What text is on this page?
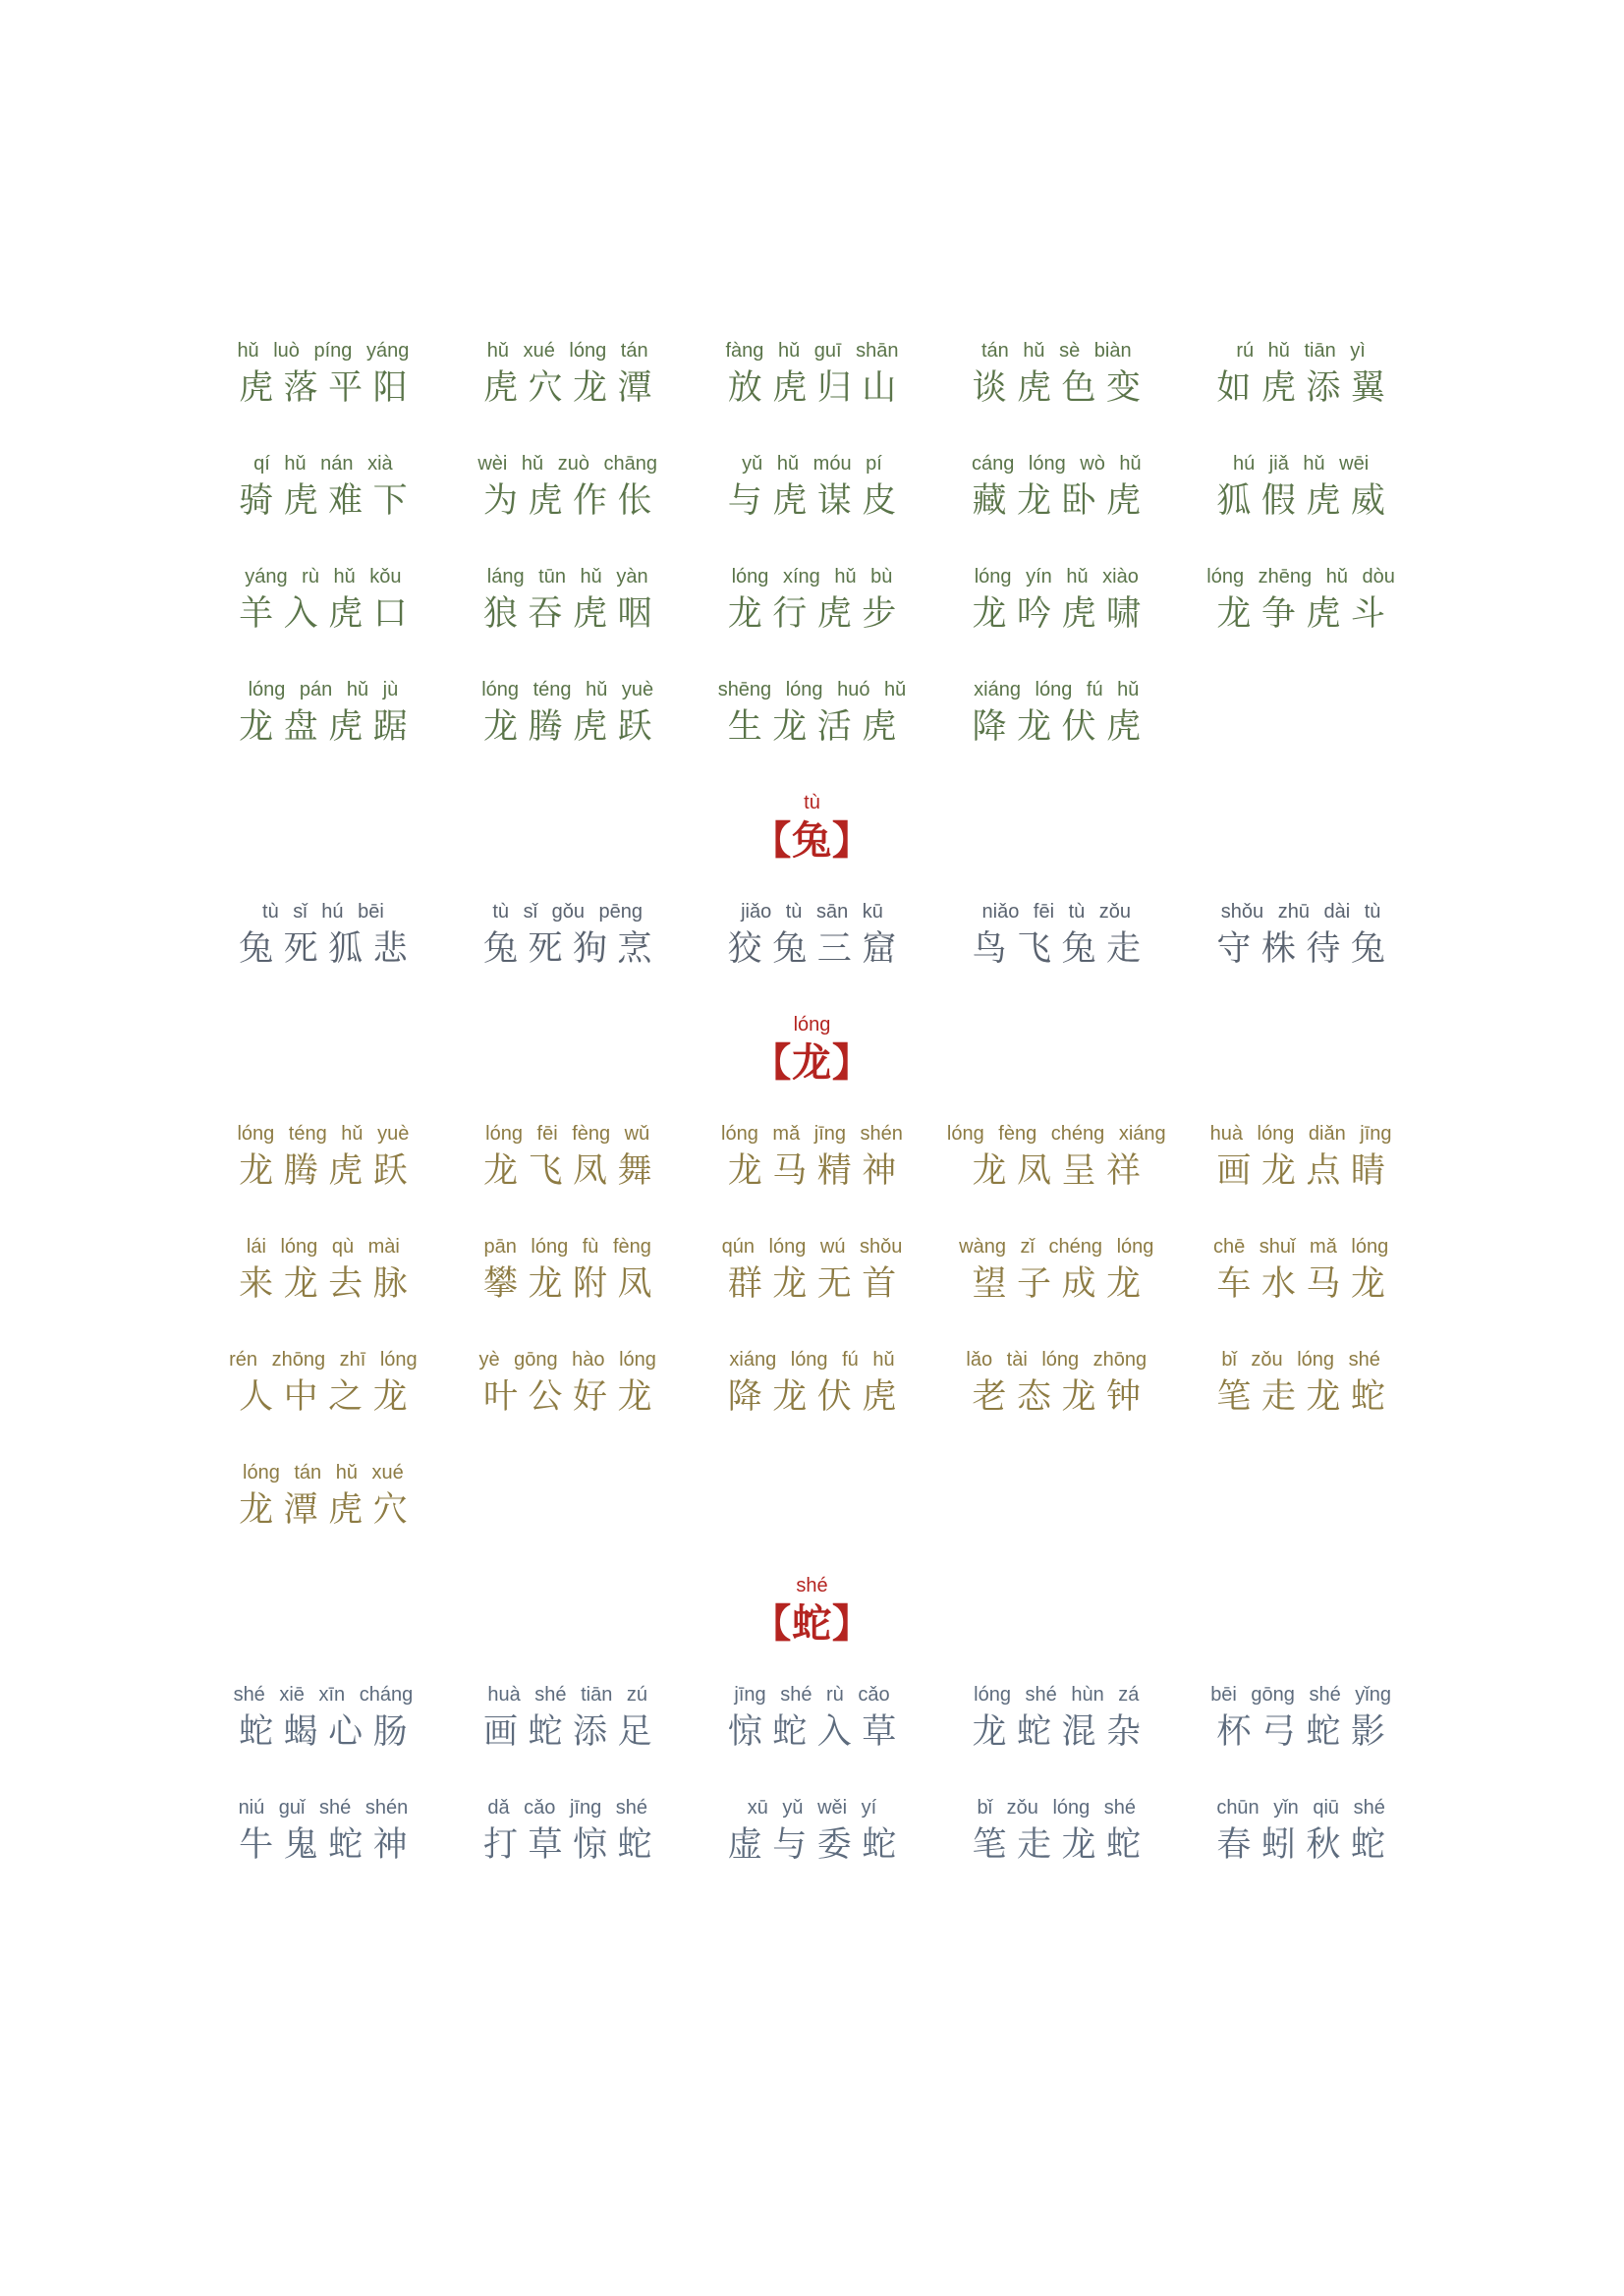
hǔ luò píng yáng
虎落平阳
hǔ xué lóng tán
虎穴龙潭
fàng hǔ guī shān
放虎归山
tán hǔ sè biàn
谈虎色变
rú hǔ tiān yì
如虎添翼
qí hǔ nán xià
骑虎难下
wèi hǔ zuò chāng
为虎作伥
yǔ hǔ móu pí
与虎谋皮
cáng lóng wò hǔ
藏龙卧虎
hú jiǎ hǔ wēi
狐假虎威
yáng rù hǔ kǒu
羊入虎口
láng tūn hǔ yàn
狼吞虎咽
lóng xíng hǔ bù
龙行虎步
lóng yín hǔ xiào
龙吟虎啸
lóng zhēng hǔ dòu
龙争虎斗
lóng pán hǔ jù
龙盘虎踞
lóng téng hǔ yuè
龙腾虎跃
shēng lóng huó hǔ
生龙活虎
xiáng lóng fú hǔ
降龙伏虎
tù
【兔】
tù sǐ hú bēi
兔死狐悲
tù sǐ gǒu pēng
兔死狗烹
jiǎo tù sān kū
狡兔三窟
niǎo fēi tù zǒu
鸟飞兔走
shǒu zhū dài tù
守株待兔
lóng
【龙】
lóng téng hǔ yuè
龙腾虎跃
lóng fēi fèng wǔ
龙飞凤舞
lóng mǎ jīng shén
龙马精神
lóng fèng chéng xiáng
龙凤呈祥
huà lóng diǎn jīng
画龙点睛
lái lóng qù mài
来龙去脉
pān lóng fù fèng
攀龙附凤
qún lóng wú shǒu
群龙无首
wàng zǐ chéng lóng
望子成龙
chē shuǐ mǎ lóng
车水马龙
rén zhōng zhī lóng
人中之龙
yè gōng hào lóng
叶公好龙
xiáng lóng fú hǔ
降龙伏虎
lǎo tài lóng zhōng
老态龙钟
bǐ zǒu lóng shé
笔走龙蛇
lóng tán hǔ xué
龙潭虎穴
shé
【蛇】
shé xiē xīn cháng
蛇蝎心肠
huà shé tiān zú
画蛇添足
jīng shé rù cǎo
惊蛇入草
lóng shé hùn zá
龙蛇混杂
bēi gōng shé yǐng
杯弓蛇影
niú guǐ shé shén
牛鬼蛇神
dǎ cǎo jīng shé
打草惊蛇
xū yǔ wěi yí
虚与委蛇
bǐ zǒu lóng shé
笔走龙蛇
chūn yǐn qiū shé
春蚓秋蛇
